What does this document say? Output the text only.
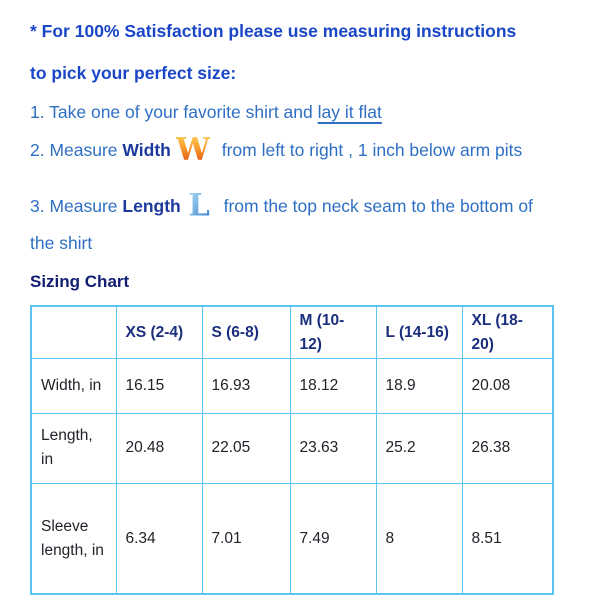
* For 100% Satisfaction please use measuring instructions

to pick your perfect size:

1. Take one of your favorite shirt and lay it flat

2. Measure Width W from left to right , 1 inch below arm pits

3. Measure Length L from the top neck seam to the bottom of
the shirt

Sizing Chart
	XS (2-4)	S (6-8)	M (10-12)	L (14-16)	XL (18-20)
Width, in	16.15	16.93	18.12	18.9	20.08
Length, in	20.48	22.05	23.63	25.2	26.38
Sleeve length, in	6.34	7.01	7.49	8	8.51
